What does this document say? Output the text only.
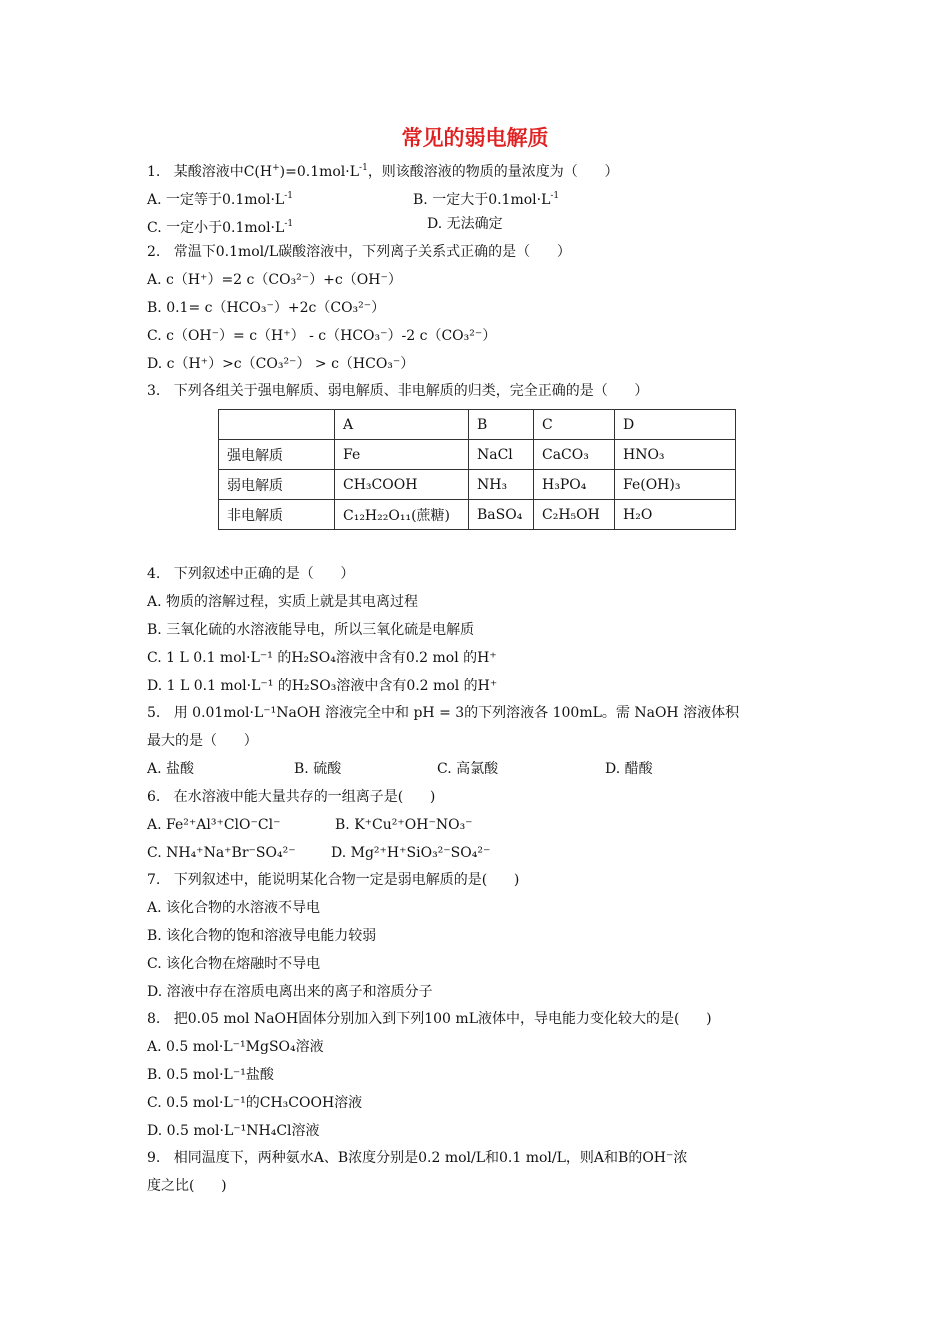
常见的弱电解质
1.   某酸溶液中$C(H^+)=0.1mol\cdot L^{-1}$，则该酸溶液的物质的量浓度为（      ）
A. 一定等于$0.1mol\cdot L^{-1}$	B. 一定大于$0.1mol\cdot L^{-1}$
C. 一定小于$0.1mol\cdot L^{-1}$	D. 无法确定
2.   常温下0.1mol/L碳酸溶液中，下列离子关系式正确的是（      ）
A. c（H⁺）=2 c（CO₃²⁻）+c（OH⁻）
B. 0.1= c（HCO₃⁻）+2c（CO₃²⁻）
C. c（OH⁻）= c（H⁺） - c（HCO₃⁻）-2 c（CO₃²⁻）
D. c（H⁺）>c（CO₃²⁻） > c（HCO₃⁻）
3.   下列各组关于强电解质、弱电解质、非电解质的归类，完全正确的是（      ）
	A	B	C	D
强电解质	Fe	NaCl	CaCO₃	HNO₃
弱电解质	CH₃COOH	NH₃	H₃PO₄	Fe(OH)₃
非电解质	C₁₂H₂₂O₁₁(蔗糖)	BaSO₄	C₂H₅OH	H₂O
4.   下列叙述中正确的是（      ）
A. 物质的溶解过程，实质上就是其电离过程
B. 三氧化硫的水溶液能导电，所以三氧化硫是电解质
C. 1 L 0.1 mol·L⁻¹ 的H₂SO₄溶液中含有0.2 mol 的H⁺
D. 1 L 0.1 mol·L⁻¹ 的H₂SO₃溶液中含有0.2 mol 的H⁺
5.   用 0.01mol·L⁻¹NaOH 溶液完全中和 pH = 3的下列溶液各 100mL。需 NaOH 溶液体积
最大的是（      ）
A. 盐酸	B. 硫酸	C. 高氯酸	D. 醋酸
6.   在水溶液中能大量共存的一组离子是(      )
A. Fe²⁺Al³⁺ClO⁻Cl⁻	B. K⁺Cu²⁺OH⁻NO₃⁻
C. NH₄⁺Na⁺Br⁻SO₄²⁻	D. Mg²⁺H⁺SiO₃²⁻SO₄²⁻
7.   下列叙述中，能说明某化合物一定是弱电解质的是(      )
A. 该化合物的水溶液不导电
B. 该化合物的饱和溶液导电能力较弱
C. 该化合物在熔融时不导电
D. 溶液中存在溶质电离出来的离子和溶质分子
8.   把0.05 mol NaOH固体分别加入到下列100 mL液体中，导电能力变化较大的是(      )
A. 0.5 mol·L⁻¹MgSO₄溶液
B. 0.5 mol·L⁻¹盐酸
C. 0.5 mol·L⁻¹的CH₃COOH溶液
D. 0.5 mol·L⁻¹NH₄Cl溶液
9.   相同温度下，两种氨水A、B浓度分别是0.2 mol/L和0.1 mol/L，则A和B的OH⁻浓
度之比(      )
